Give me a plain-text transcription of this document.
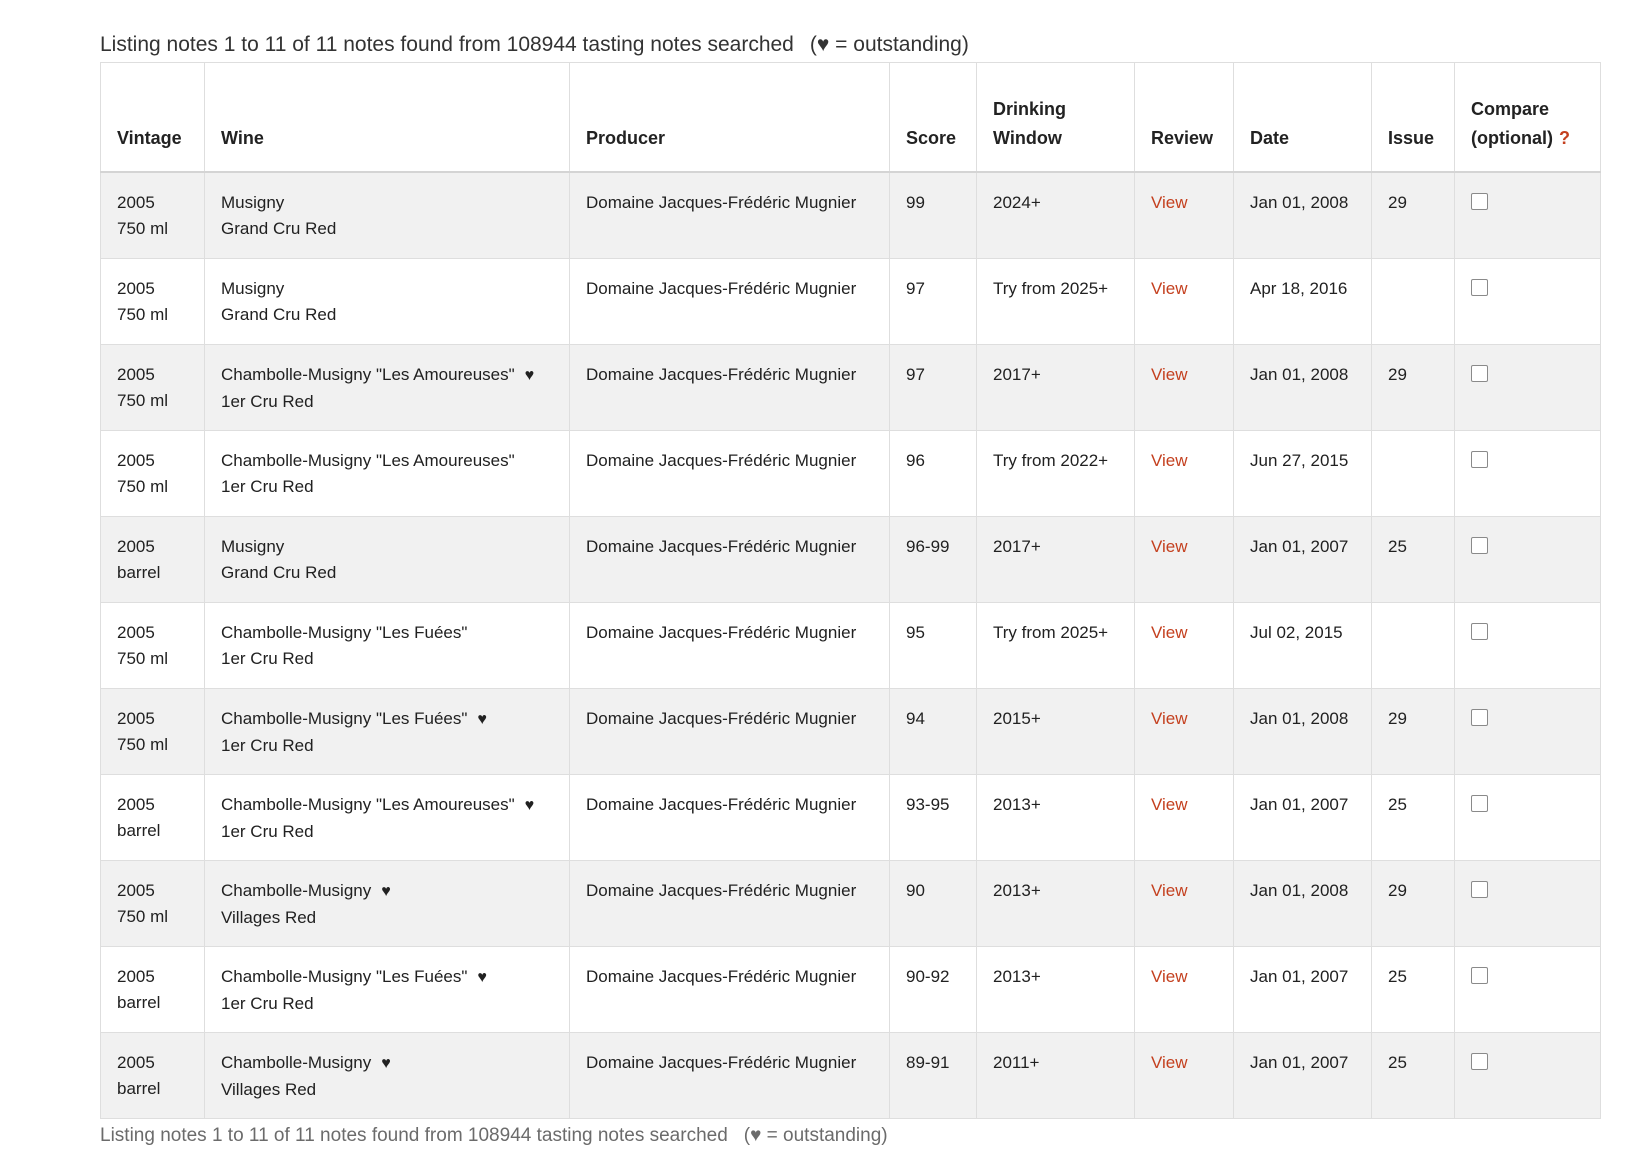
Listing notes 1 to 11 of 11 notes found from 108944 tasting notes searched (♥ = outstanding)
Vintage	Wine	Producer	Score	Drinking
Window	Review	Date	Issue	Compare
(optional) ?

2005
750 ml	Musigny
Grand Cru Red	Domaine Jacques-Frédéric Mugnier	99	2024+	View	Jan 01, 2008	29	

2005
750 ml	Musigny
Grand Cru Red	Domaine Jacques-Frédéric Mugnier	97	Try from 2025+	View	Apr 18, 2016		

2005
750 ml	Chambolle-Musigny "Les Amoureuses" ♥
1er Cru Red	Domaine Jacques-Frédéric Mugnier	97	2017+	View	Jan 01, 2008	29	

2005
750 ml	Chambolle-Musigny "Les Amoureuses"
1er Cru Red	Domaine Jacques-Frédéric Mugnier	96	Try from 2022+	View	Jun 27, 2015		

2005
barrel	Musigny
Grand Cru Red	Domaine Jacques-Frédéric Mugnier	96-99	2017+	View	Jan 01, 2007	25	

2005
750 ml	Chambolle-Musigny "Les Fuées"
1er Cru Red	Domaine Jacques-Frédéric Mugnier	95	Try from 2025+	View	Jul 02, 2015		

2005
750 ml	Chambolle-Musigny "Les Fuées" ♥
1er Cru Red	Domaine Jacques-Frédéric Mugnier	94	2015+	View	Jan 01, 2008	29	

2005
barrel	Chambolle-Musigny "Les Amoureuses" ♥
1er Cru Red	Domaine Jacques-Frédéric Mugnier	93-95	2013+	View	Jan 01, 2007	25	

2005
750 ml	Chambolle-Musigny ♥
Villages Red	Domaine Jacques-Frédéric Mugnier	90	2013+	View	Jan 01, 2008	29	

2005
barrel	Chambolle-Musigny "Les Fuées" ♥
1er Cru Red	Domaine Jacques-Frédéric Mugnier	90-92	2013+	View	Jan 01, 2007	25	

2005
barrel	Chambolle-Musigny ♥
Villages Red	Domaine Jacques-Frédéric Mugnier	89-91	2011+	View	Jan 01, 2007	25	
Listing notes 1 to 11 of 11 notes found from 108944 tasting notes searched (♥ = outstanding)
